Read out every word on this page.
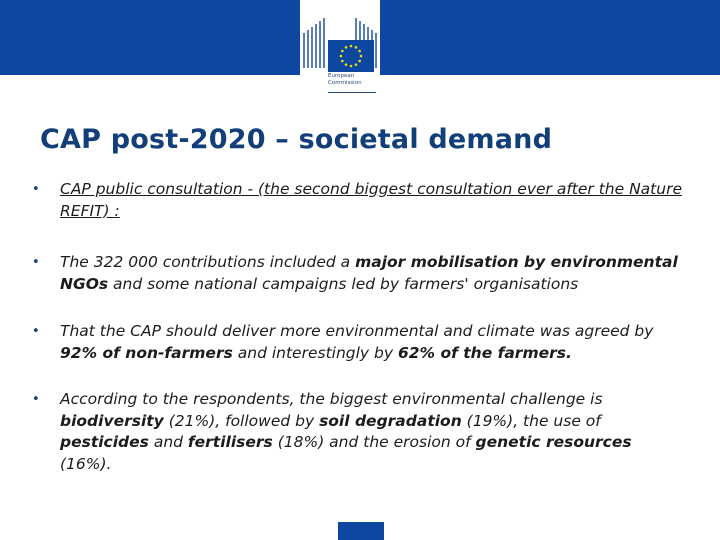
European
Commission
CAP post-2020 – societal demand
• CAP public consultation - (the second biggest consultation ever after the Nature REFIT) :
• The 322 000 contributions included a major mobilisation by environmental NGOs and some national campaigns led by farmers' organisations
• That the CAP should deliver more environmental and climate was agreed by 92% of non-farmers and interestingly by 62% of the farmers.
• According to the respondents, the biggest environmental challenge is biodiversity (21%), followed by soil degradation (19%), the use of pesticides and fertilisers (18%) and the erosion of genetic resources (16%).
